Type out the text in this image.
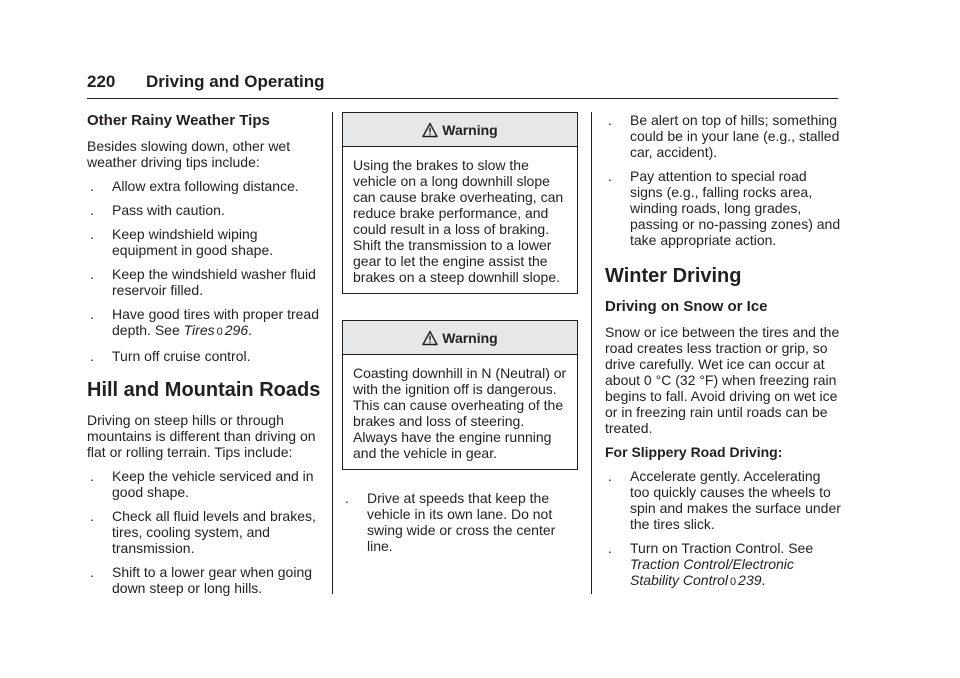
220 Driving and Operating
Other Rainy Weather Tips

Besides slowing down, other wet weather driving tips include:

. Allow extra following distance.
. Pass with caution.
. Keep windshield wiping equipment in good shape.
. Keep the windshield washer fluid reservoir filled.
. Have good tires with proper tread depth. See Tires 0 296.
. Turn off cruise control.
Hill and Mountain Roads

Driving on steep hills or through mountains is different than driving on flat or rolling terrain. Tips include:

. Keep the vehicle serviced and in good shape.
. Check all fluid levels and brakes, tires, cooling system, and transmission.
. Shift to a lower gear when going down steep or long hills.
Warning
Using the brakes to slow the vehicle on a long downhill slope can cause brake overheating, can reduce brake performance, and could result in a loss of braking. Shift the transmission to a lower gear to let the engine assist the brakes on a steep downhill slope.
Warning
Coasting downhill in N (Neutral) or with the ignition off is dangerous. This can cause overheating of the brakes and loss of steering. Always have the engine running and the vehicle in gear.
. Drive at speeds that keep the vehicle in its own lane. Do not swing wide or cross the center line.
. Be alert on top of hills; something could be in your lane (e.g., stalled car, accident).
. Pay attention to special road signs (e.g., falling rocks area, winding roads, long grades, passing or no-passing zones) and take appropriate action.
Winter Driving
Driving on Snow or Ice

Snow or ice between the tires and the road creates less traction or grip, so drive carefully. Wet ice can occur at about 0 °C (32 °F) when freezing rain begins to fall. Avoid driving on wet ice or in freezing rain until roads can be treated.

For Slippery Road Driving:
. Accelerate gently. Accelerating too quickly causes the wheels to spin and makes the surface under the tires slick.
. Turn on Traction Control. See
Traction Control/Electronic Stability Control 0 239.
